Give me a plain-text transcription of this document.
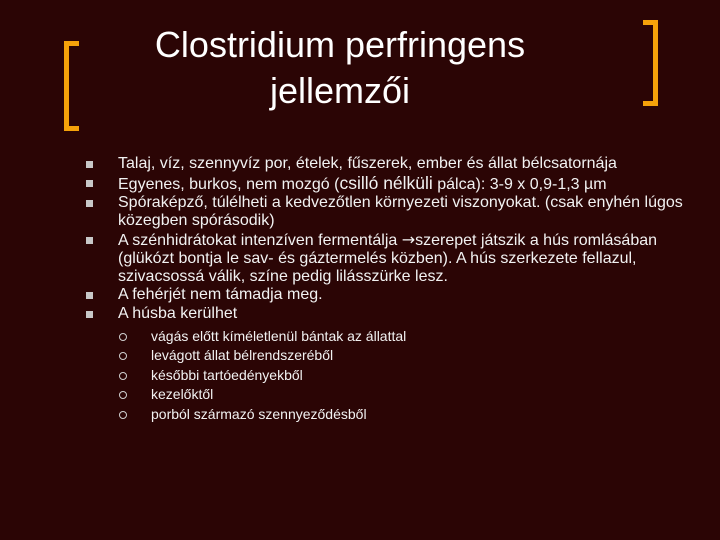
Clostridium perfringens
jellemzői
Talaj, víz, szennyvíz por, ételek, fűszerek, ember és állat bélcsatornája
Egyenes, burkos, nem mozgó (csilló nélküli pálca): 3-9 x 0,9-1,3 µm
Spóraképző, túlélheti a kedvezőtlen környezeti viszonyokat. (csak enyhén lúgos közegben spórásodik)
A szénhidrátokat intenzíven fermentálja →szerepet játszik a hús romlásában (glükózt bontja le sav- és gáztermelés közben). A hús szerkezete fellazul, szivacsossá válik, színe pedig lilásszürke lesz.
A fehérjét nem támadja meg.
A húsba kerülhet
vágás előtt kíméletlenül bántak az állattal
levágott állat bélrendszeréből
későbbi tartóedényekből
kezelőktől
porból származó szennyeződésből
